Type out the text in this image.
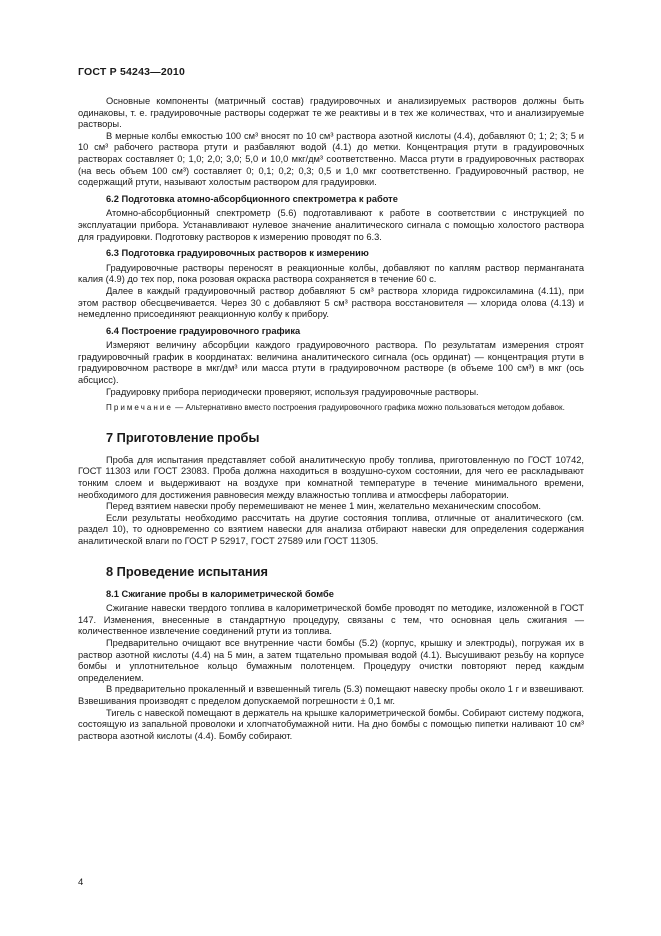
ГОСТ Р 54243—2010

Основные компоненты (матричный состав) градуировочных и анализируемых растворов должны быть одинаковы, т. е. градуировочные растворы содержат те же реактивы и в тех же количествах, что и анализируемые растворы.

В мерные колбы емкостью 100 см³ вносят по 10 см³ раствора азотной кислоты (4.4), добавляют 0; 1; 2; 3; 5 и 10 см³ рабочего раствора ртути и разбавляют водой (4.1) до метки. Концентрация ртути в градуировочных растворах составляет 0; 1,0; 2,0; 3,0; 5,0 и 10,0 мкг/дм³ соответственно. Масса ртути в градуировочных растворах (на весь объем 100 см³) составляет 0; 0,1; 0,2; 0,3; 0,5 и 1,0 мкг соответственно. Градуировочный раствор, не содержащий ртути, называют холостым раствором для градуировки.

6.2 Подготовка атомно-абсорбционного спектрометра к работе

Атомно-абсорбционный спектрометр (5.6) подготавливают к работе в соответствии с инструкцией по эксплуатации прибора. Устанавливают нулевое значение аналитического сигнала с помощью холостого раствора для градуировки. Подготовку растворов к измерению проводят по 6.3.

6.3 Подготовка градуировочных растворов к измерению

Градуировочные растворы переносят в реакционные колбы, добавляют по каплям раствор перманганата калия (4.9) до тех пор, пока розовая окраска раствора сохраняется в течение 60 с.

Далее в каждый градуировочный раствор добавляют 5 см³ раствора хлорида гидроксиламина (4.11), при этом раствор обесцвечивается. Через 30 с добавляют 5 см³ раствора восстановителя — хлорида олова (4.13) и немедленно присоединяют реакционную колбу к прибору.

6.4 Построение градуировочного графика

Измеряют величину абсорбции каждого градуировочного раствора. По результатам измерения строят градуировочный график в координатах: величина аналитического сигнала (ось ординат) — концентрация ртути в градуировочном растворе в мкг/дм³ или масса ртути в градуировочном растворе (в объеме 100 см³) в мкг (ось абсцисс).

Градуировку прибора периодически проверяют, используя градуировочные растворы.

Примечание — Альтернативно вместо построения градуировочного графика можно пользоваться методом добавок.
7 Приготовление пробы

Проба для испытания представляет собой аналитическую пробу топлива, приготовленную по ГОСТ 10742, ГОСТ 11303 или ГОСТ 23083. Проба должна находиться в воздушно-сухом состоянии, для чего ее раскладывают тонким слоем и выдерживают на воздухе при комнатной температуре в течение минимального времени, необходимого для достижения равновесия между влажностью топлива и атмосферы лаборатории.

Перед взятием навески пробу перемешивают не менее 1 мин, желательно механическим способом.

Если результаты необходимо рассчитать на другие состояния топлива, отличные от аналитического (см. раздел 10), то одновременно со взятием навески для анализа отбирают навески для определения содержания аналитической влаги по ГОСТ Р 52917, ГОСТ 27589 или ГОСТ 11305.

8 Проведение испытания
8.1 Сжигание пробы в калориметрической бомбе

Сжигание навески твердого топлива в калориметрической бомбе проводят по методике, изложенной в ГОСТ 147. Изменения, внесенные в стандартную процедуру, связаны с тем, что основная цель сжигания — количественное извлечение соединений ртути из топлива.

Предварительно очищают все внутренние части бомбы (5.2) (корпус, крышку и электроды), погружая их в раствор азотной кислоты (4.4) на 5 мин, а затем тщательно промывая водой (4.1). Высушивают резьбу на корпусе бомбы и уплотнительное кольцо бумажным полотенцем. Процедуру очистки повторяют перед каждым определением.

В предварительно прокаленный и взвешенный тигель (5.3) помещают навеску пробы около 1 г и взвешивают. Взвешивания производят с пределом допускаемой погрешности ± 0,1 мг.

Тигель с навеской помещают в держатель на крышке калориметрической бомбы. Собирают систему поджога, состоящую из запальной проволоки и хлопчатобумажной нити. На дно бомбы с помощью пипетки наливают 10 см³ раствора азотной кислоты (4.4). Бомбу собирают.

4
